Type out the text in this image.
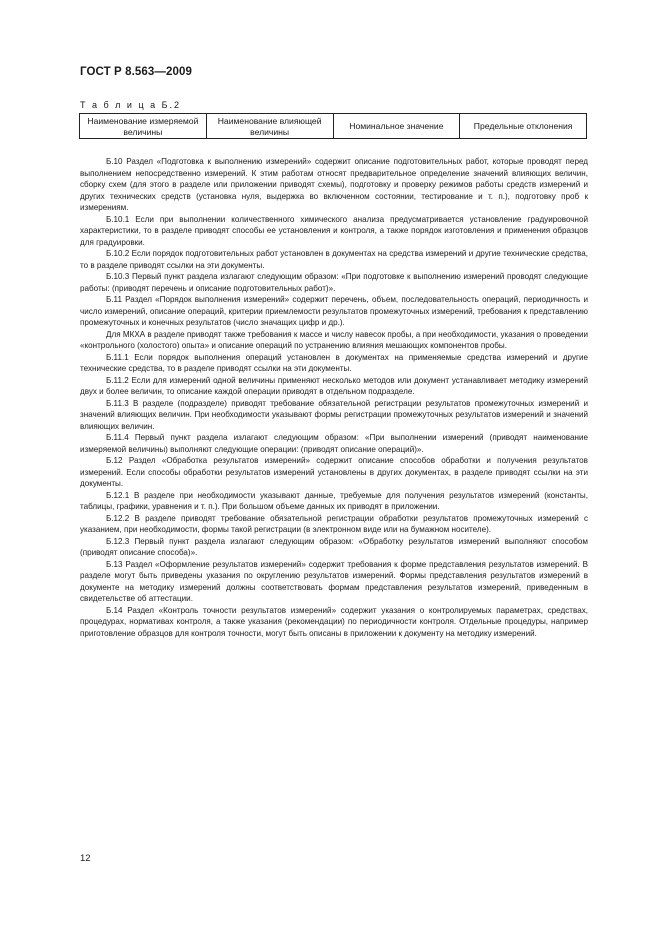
ГОСТ Р 8.563—2009
Т а б л и ц а Б.2
Наименование измеряемой величины	Наименование влияющей величины	Номинальное значение	Предельные отклонения

Б.10 Раздел «Подготовка к выполнению измерений» содержит описание подготовительных работ, которые проводят перед выполнением непосредственно измерений. К этим работам относят предварительное определение значений влияющих величин, сборку схем (для этого в разделе или приложении приводят схемы), подготовку и проверку режимов работы средств измерений и других технических средств (установка нуля, выдержка во включенном состоянии, тестирование и т. п.), подготовку проб к измерениям.

Б.10.1 Если при выполнении количественного химического анализа предусматривается установление градуировочной характеристики, то в разделе приводят способы ее установления и контроля, а также порядок изготовления и применения образцов для градуировки.

Б.10.2 Если порядок подготовительных работ установлен в документах на средства измерений и другие технические средства, то в разделе приводят ссылки на эти документы.

Б.10.3 Первый пункт раздела излагают следующим образом: «При подготовке к выполнению измерений проводят следующие работы: (приводят перечень и описание подготовительных работ)».

Б.11 Раздел «Порядок выполнения измерений» содержит перечень, объем, последовательность операций, периодичность и число измерений, описание операций, критерии приемлемости результатов промежуточных измерений, требования к представлению промежуточных и конечных результатов (число значащих цифр и др.).

Для МКХА в разделе приводят также требования к массе и числу навесок пробы, а при необходимости, указания о проведении «контрольного (холостого) опыта» и описание операций по устранению влияния мешающих компонентов пробы.

Б.11.1 Если порядок выполнения операций установлен в документах на применяемые средства измерений и другие технические средства, то в разделе приводят ссылки на эти документы.

Б.11.2 Если для измерений одной величины применяют несколько методов или документ устанавливает методику измерений двух и более величин, то описание каждой операции приводят в отдельном подразделе.

Б.11.3 В разделе (подразделе) приводят требование обязательной регистрации результатов промежуточных измерений и значений влияющих величин. При необходимости указывают формы регистрации промежуточных результатов измерений и значений влияющих величин.

Б.11.4 Первый пункт раздела излагают следующим образом: «При выполнении измерений (приводят наименование измеряемой величины) выполняют следующие операции: (приводят описание операций)».

Б.12 Раздел «Обработка результатов измерений» содержит описание способов обработки и получения результатов измерений. Если способы обработки результатов измерений установлены в других документах, в разделе приводят ссылки на эти документы.

Б.12.1 В разделе при необходимости указывают данные, требуемые для получения результатов измерений (константы, таблицы, графики, уравнения и т. п.). При большом объеме данных их приводят в приложении.

Б.12.2 В разделе приводят требование обязательной регистрации обработки результатов промежуточных измерений с указанием, при необходимости, формы такой регистрации (в электронном виде или на бумажном носителе).

Б.12.3 Первый пункт раздела излагают следующим образом: «Обработку результатов измерений выполняют способом (приводят описание способа)».

Б.13 Раздел «Оформление результатов измерений» содержит требования к форме представления результатов измерений. В разделе могут быть приведены указания по округлению результатов измерений. Формы представления результатов измерений в документе на методику измерений должны соответствовать формам представления результатов измерений, приведенным в свидетельстве об аттестации.

Б.14 Раздел «Контроль точности результатов измерений» содержит указания о контролируемых параметрах, средствах, процедурах, нормативах контроля, а также указания (рекомендации) по периодичности контроля. Отдельные процедуры, например приготовление образцов для контроля точности, могут быть описаны в приложении к документу на методику измерений.

12
